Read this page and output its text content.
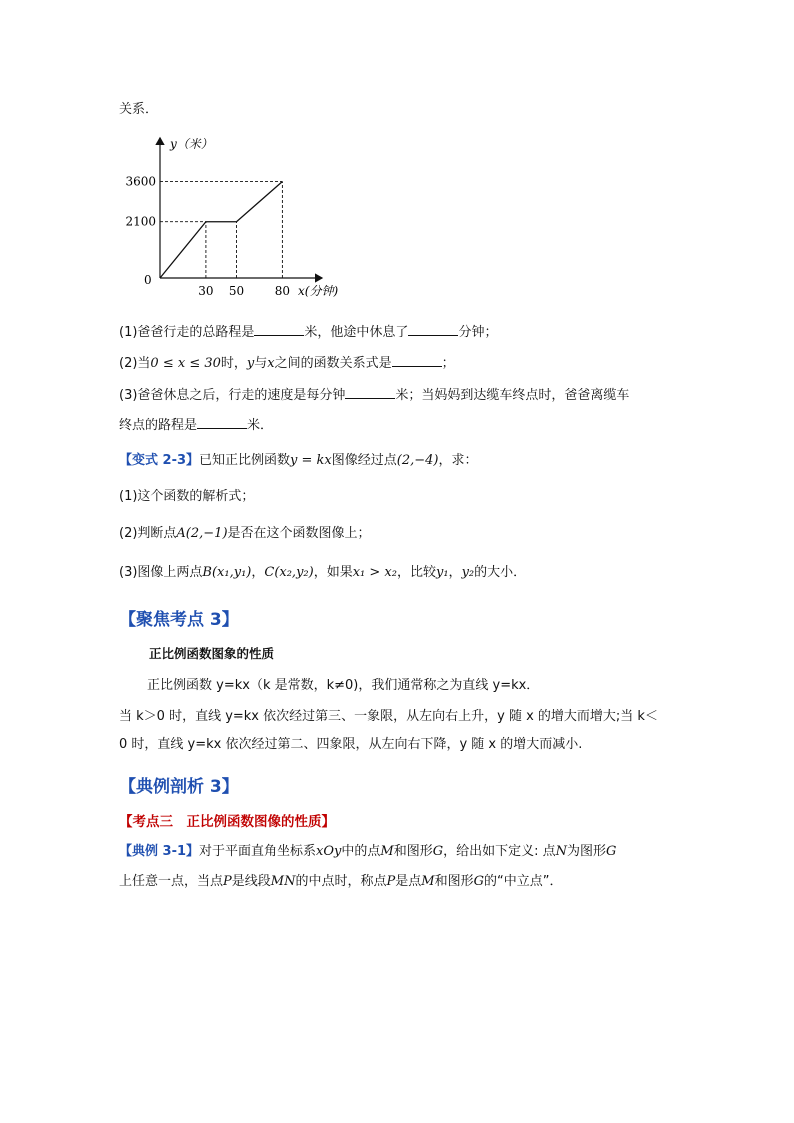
关系．
y（米）
x(分钟)
0
2100
3600
30 50	80
(1)爸爸行走的总路程是	米，他途中休息了	分钟；
(2)当0 ≤ x ≤ 30时，y与x之间的函数关系式是	；
(3)爸爸休息之后，行走的速度是每分钟	米；当妈妈到达缆车终点时，爸爸离缆车
终点的路程是	米．
【变式 2-3】已知正比例函数y = kx图像经过点(2,−4)，求：
(1)这个函数的解析式；
(2)判断点A(2,−1)是否在这个函数图像上；
(3)图像上两点B(x₁,y₁)，C(x₂,y₂)，如果x₁ > x₂，比较y₁，y₂的大小．
【聚焦考点 3】
正比例函数图象的性质
正比例函数 y=kx（k 是常数，k≠0)，我们通常称之为直线 y=kx．
当 k＞0 时，直线 y=kx 依次经过第三、一象限，从左向右上升，y 随 x 的增大而增大;当 k＜
0 时，直线 y=kx 依次经过第二、四象限，从左向右下降，y 随 x 的增大而减小.
【典例剖析 3】
【考点三　正比例函数图像的性质】
【典例 3-1】对于平面直角坐标系xOy中的点M和图形G，给出如下定义: 点N为图形G
上任意一点，当点P是线段MN的中点时，称点P是点M和图形G的“中立点”．
